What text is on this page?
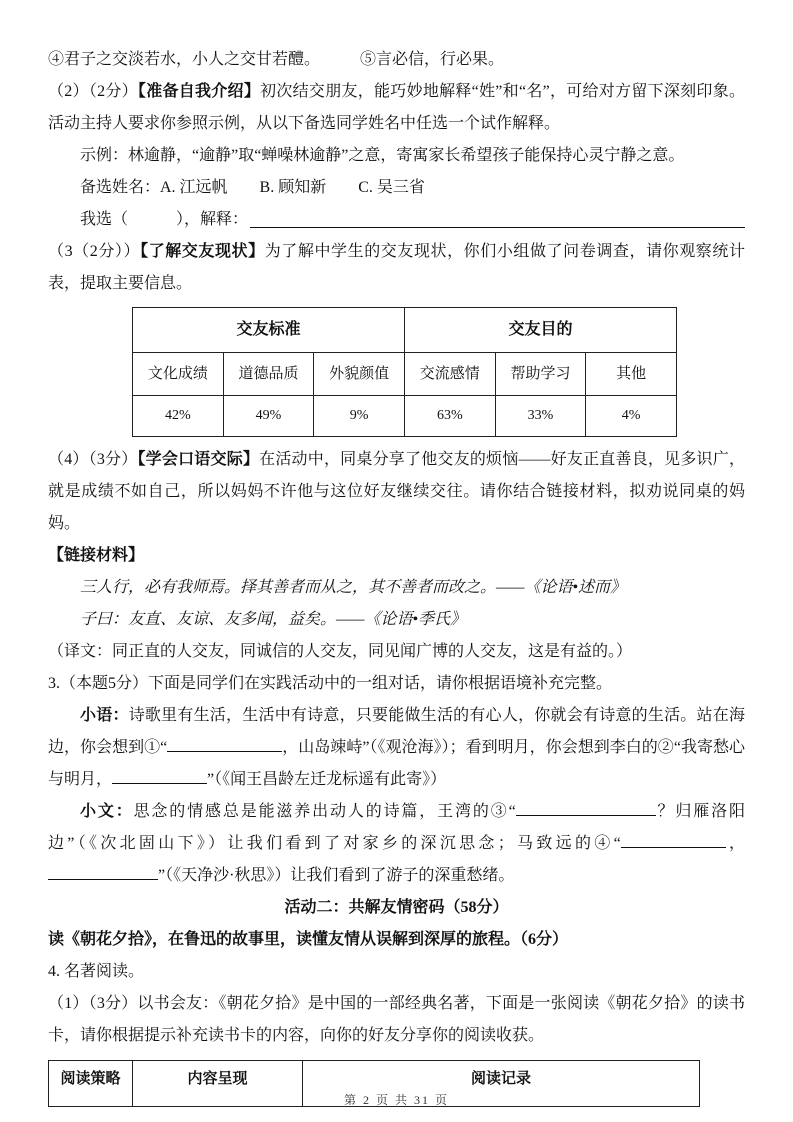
④君子之交淡若水，小人之交甘若醴。	⑤言必信，行必果。

（2）（2分）【准备自我介绍】初次结交朋友，能巧妙地解释“姓”和“名”，可给对方留下深刻印象。活动主持人要求你参照示例，从以下备选同学姓名中任选一个试作解释。

示例：林逾静，“逾静”取“蝉噪林逾静”之意，寄寓家长希望孩子能保持心灵宁静之意。

备选姓名：A. 江远帆　　B. 顾知新　　C. 吴三省

我选（　　　），解释：

（3（2分））【了解交友现状】为了解中学生的交友现状，你们小组做了问卷调查，请你观察统计表，提取主要信息。

交友标准			交友目的		
文化成绩	道德品质	外貌颜值	交流感情	帮助学习	其他
42%	49%	9%	63%	33%	4%

（4）（3分）【学会口语交际】在活动中，同桌分享了他交友的烦恼——好友正直善良，见多识广，就是成绩不如自己，所以妈妈不许他与这位好友继续交往。请你结合链接材料，拟劝说同桌的妈妈。

【链接材料】

三人行，必有我师焉。择其善者而从之，其不善者而改之。——《论语•述而》

子曰：友直、友谅、友多闻，益矣。——《论语•季氏》

（译文：同正直的人交友，同诚信的人交友，同见闻广博的人交友，这是有益的。）

3.（本题5分）下面是同学们在实践活动中的一组对话，请你根据语境补充完整。

小语：诗歌里有生活，生活中有诗意，只要能做生活的有心人，你就会有诗意的生活。站在海边，你会想到①“	，山岛竦峙”（《观沧海》）；看到明月，你会想到李白的②“我寄愁心与明月，	”（《闻王昌龄左迁龙标遥有此寄》）

小文：思念的情感总是能滋养出动人的诗篇，王湾的③“	？归雁洛阳边”（《次北固山下》）让我们看到了对家乡的深沉思念；马致远的④“	，”（《天净沙·秋思》）让我们看到了游子的深重愁绪。

活动二：共解友情密码（58分）

读《朝花夕拾》，在鲁迅的故事里，读懂友情从误解到深厚的旅程。（6分）

4. 名著阅读。

（1）（3分）以书会友：《朝花夕拾》是中国的一部经典名著，下面是一张阅读《朝花夕拾》的读书卡，请你根据提示补充读书卡的内容，向你的好友分享你的阅读收获。

阅读策略	内容呈现	阅读记录
第 2 页 共 31 页
